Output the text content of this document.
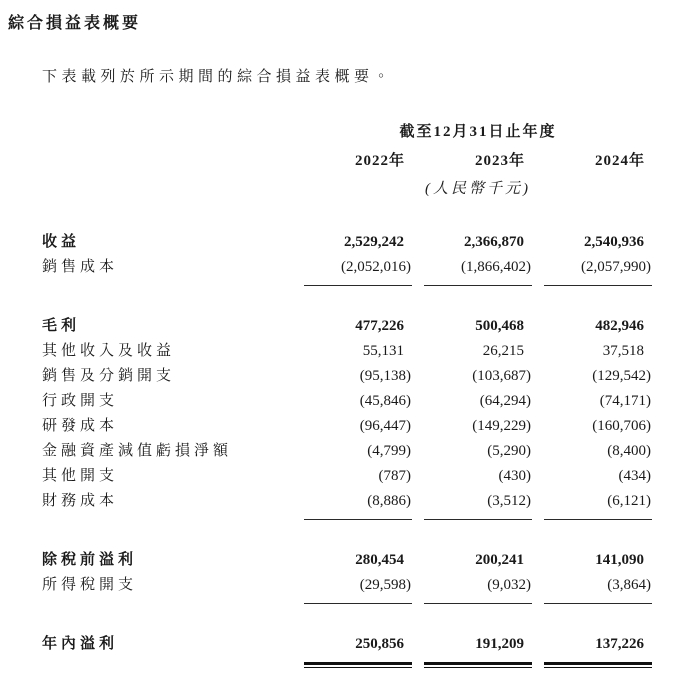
綜合損益表概要
下表載列於所示期間的綜合損益表概要。
截至12月31日止年度
2022年	2023年	2024年
(人民幣千元)
收益	2,529,242	2,366,870	2,540,936
銷售成本	(2,052,016)	(1,866,402)	(2,057,990)
毛利	477,226	500,468	482,946
其他收入及收益	55,131	26,215	37,518
銷售及分銷開支	(95,138)	(103,687)	(129,542)
行政開支	(45,846)	(64,294)	(74,171)
研發成本	(96,447)	(149,229)	(160,706)
金融資產減值虧損淨額	(4,799)	(5,290)	(8,400)
其他開支	(787)	(430)	(434)
財務成本	(8,886)	(3,512)	(6,121)
除稅前溢利	280,454	200,241	141,090
所得稅開支	(29,598)	(9,032)	(3,864)
年內溢利	250,856	191,209	137,226
